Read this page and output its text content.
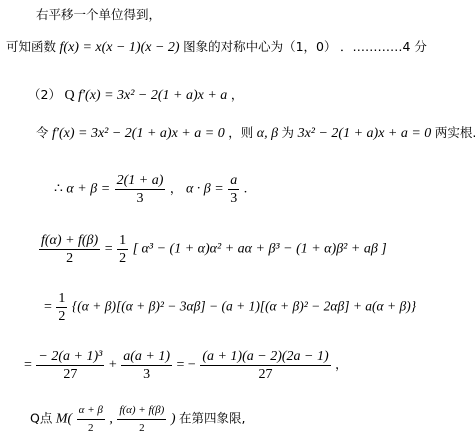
右平移一个单位得到，
可知函数 f(x) = x(x − 1)(x − 2) 图象的对称中心为（1，0） ．…………4 分
（2） Q f′(x) = 3x² − 2(1 + a)x + a ，
令 f′(x) = 3x² − 2(1 + a)x + a = 0 ，则 α, β 为 3x² − 2(1 + a)x + a = 0 两实根.
∴ $\alpha + \beta = \frac{2(1 + a)}{3}$ ， $\alpha \cdot \beta = \frac{a}{3}$ .
$\frac{f(\alpha) + f(\beta)}{2} = \frac{1}{2}$ [ α³ − (1 + α)α² + aα + β³ − (1 + α)β² + aβ ]
= $\frac{1}{2} \{(\alpha + \beta)[(\alpha + \beta)^2 - 3\alpha\beta] - (a + 1)[(\alpha + \beta)^2 - 2\alpha\beta] + a(\alpha + \beta)\}$
= $\frac{\text{− 2(a + 1)³}}{27} + \frac{a(a + 1)}{3}$ = − $\frac{(a + 1)(a - 2)(2a - 1)}{27}$ ，
Q点 $M( \frac{\alpha + \beta}{2}$ , $\frac{f(\alpha) + f(\beta)}{2}$ ) 在第四象限,
